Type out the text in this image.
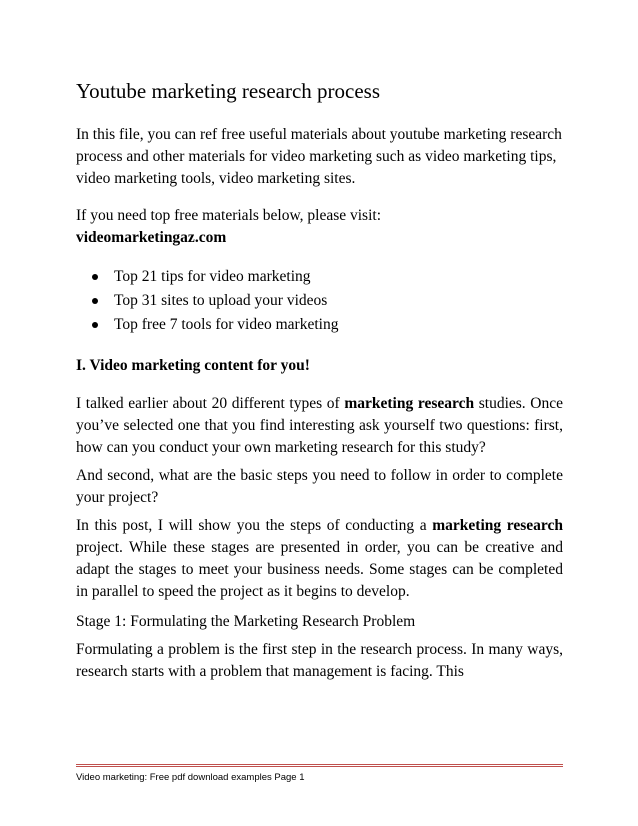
Youtube marketing research process

In this file, you can ref free useful materials about youtube marketing research process and other materials for video marketing such as video marketing tips, video marketing tools, video marketing sites.

If you need top free materials below, please visit:

videomarketingaz.com
Top 21 tips for video marketing
Top 31 sites to upload your videos
Top free 7 tools for video marketing
I. Video marketing content for you!

I talked earlier about 20 different types of marketing research studies. Once you’ve selected one that you find interesting ask yourself two questions: first, how can you conduct your own marketing research for this study?

And second, what are the basic steps you need to follow in order to complete your project?

In this post, I will show you the steps of conducting a marketing research project. While these stages are presented in order, you can be creative and adapt the stages to meet your business needs. Some stages can be completed in parallel to speed the project as it begins to develop.

Stage 1: Formulating the Marketing Research Problem

Formulating a problem is the first step in the research process. In many ways, research starts with a problem that management is facing. This

Video marketing: Free pdf download examples Page 1
